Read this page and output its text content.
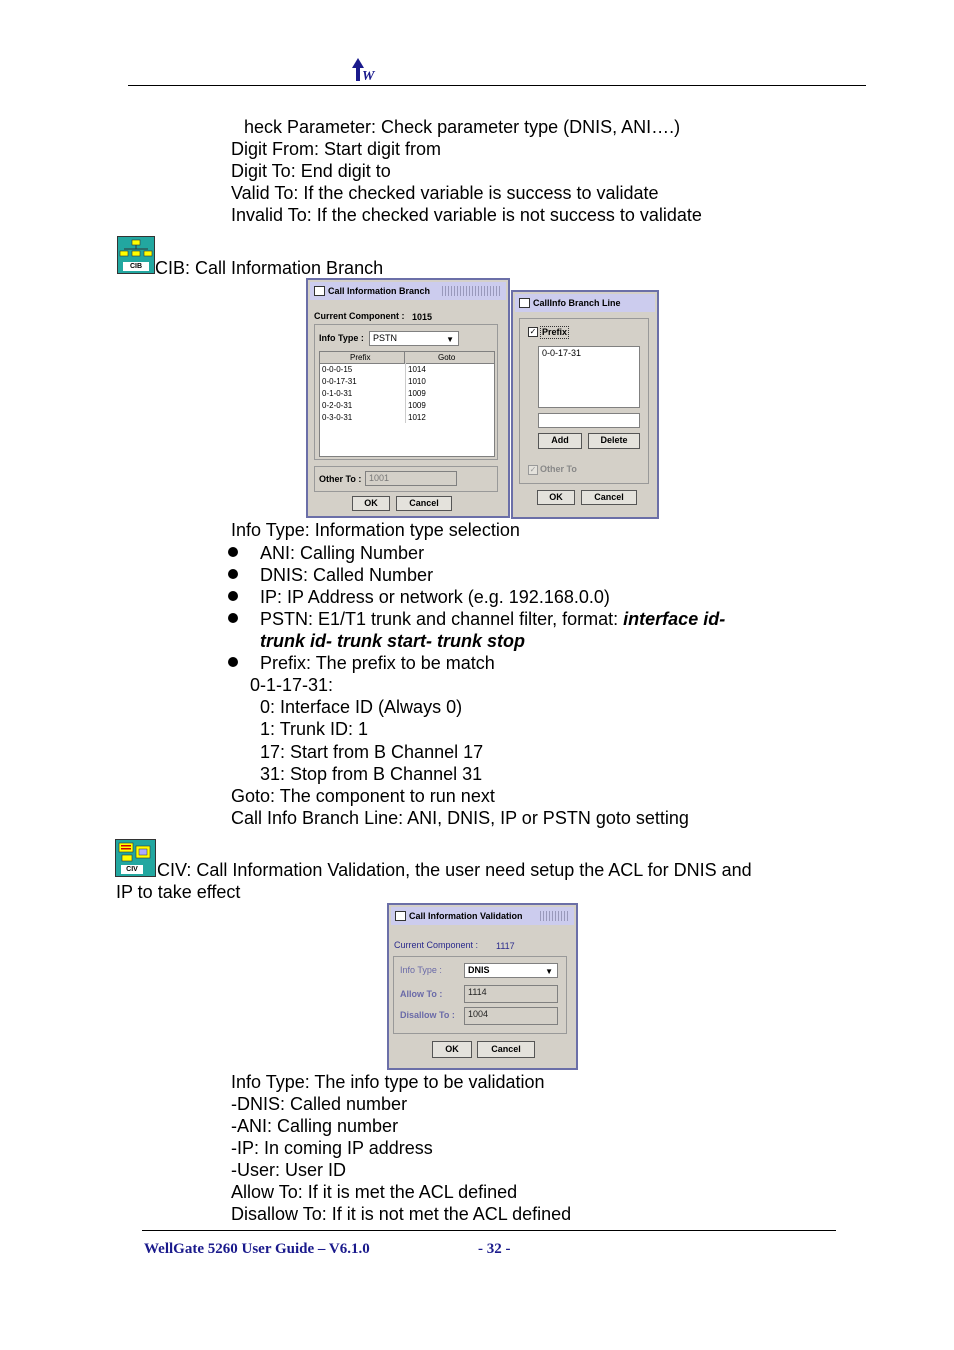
W
heck Parameter: Check parameter type (DNIS, ANI….)
Digit From: Start digit from
Digit To: End digit to
Valid To: If the checked variable is success to validate
Invalid To: If the checked variable is not success to validate
CIB CIB: Call Information Branch
Call Information Branch
Current Component : 1015
Info Type :	PSTN	▼
Prefix	Goto
0-0-0-15	1014
0-0-17-31	1010
0-1-0-31	1009
0-2-0-31	1009
0-3-0-31	1012
Other To : 1001
OK	Cancel
CallInfo Branch Line
✓ Prefix
0-0-17-31
Add	Delete
✓ Other To
OK	Cancel
Info Type: Information type selection
ANI: Calling Number
DNIS: Called Number
IP: IP Address or network (e.g. 192.168.0.0)
PSTN: E1/T1 trunk and channel filter, format: interface id-
trunk id- trunk start- trunk stop
Prefix: The prefix to be match
0-1-17-31:
0: Interface ID (Always 0)
1: Trunk ID: 1
17: Start from B Channel 17
31: Stop from B Channel 31
Goto: The component to run next
Call Info Branch Line: ANI, DNIS, IP or PSTN goto setting
CIV CIV: Call Information Validation, the user need setup the ACL for DNIS and
IP to take effect
Call Information Validation
Current Component : 1117
Info Type :	DNIS	▼
Allow To :	1114
Disallow To :	1004
OK	Cancel
Info Type: The info type to be validation
-DNIS: Called number
-ANI: Calling number
-IP: In coming IP address
-User: User ID
Allow To: If it is met the ACL defined
Disallow To: If it is not met the ACL defined
WellGate 5260 User Guide – V6.1.0	- 32 -
